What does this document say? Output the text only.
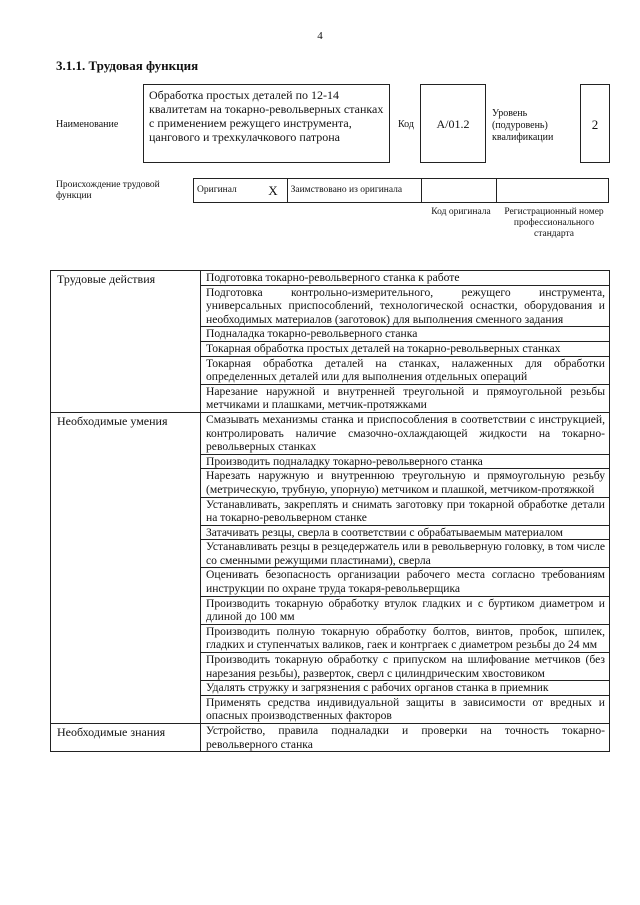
4
3.1.1. Трудовая функция
Наименование
Обработка простых деталей по 12-14 квалитетам на токарно-револьверных станках с применением режущего инструмента, цангового и трехкулачкового патрона
Код	A/01.2
Уровень (подуровень) квалификации
2
Происхождение трудовой функции
Оригинал	X	Заимствовано из оригинала		
Код оригинала	Регистрационный номер профессионального стандарта
Трудовые действия	Подготовка токарно-револьверного станка к работе
	Подготовка контрольно-измерительного, режущего инструмента, универсальных приспособлений, технологической оснастки, оборудования и необходимых материалов (заготовок) для выполнения сменного задания
	Подналадка токарно-револьверного станка
	Токарная обработка простых деталей на токарно-револьверных станках
	Токарная обработка деталей на станках, налаженных для обработки определенных деталей или для выполнения отдельных операций
	Нарезание наружной и внутренней треугольной и прямоугольной резьбы метчиками и плашками, метчик-протяжками
Необходимые умения	Смазывать механизмы станка и приспособления в соответствии с инструкцией, контролировать наличие смазочно-охлаждающей жидкости на токарно-револьверных станках
	Производить подналадку токарно-револьверного станка
	Нарезать наружную и внутреннюю треугольную и прямоугольную резьбу (метрическую, трубную, упорную) метчиком и плашкой, метчиком-протяжкой
	Устанавливать, закреплять и снимать заготовку при токарной обработке детали на токарно-револьверном станке
	Затачивать резцы, сверла в соответствии с обрабатываемым материалом
	Устанавливать резцы в резцедержатель или в револьверную головку, в том числе со сменными режущими пластинами), сверла
	Оценивать безопасность организации рабочего места согласно требованиям инструкции по охране труда токаря-револьверщика
	Производить токарную обработку втулок гладких и с буртиком диаметром и длиной до 100 мм
	Производить полную токарную обработку болтов, винтов, пробок, шпилек, гладких и ступенчатых валиков, гаек и контргаек с диаметром резьбы до 24 мм
	Производить токарную обработку с припуском на шлифование метчиков (без нарезания резьбы), разверток, сверл с цилиндрическим хвостовиком
	Удалять стружку и загрязнения с рабочих органов станка в приемник
	Применять средства индивидуальной защиты в зависимости от вредных и опасных производственных факторов
Необходимые знания	Устройство, правила подналадки и проверки на точность токарно-револьверного станка
